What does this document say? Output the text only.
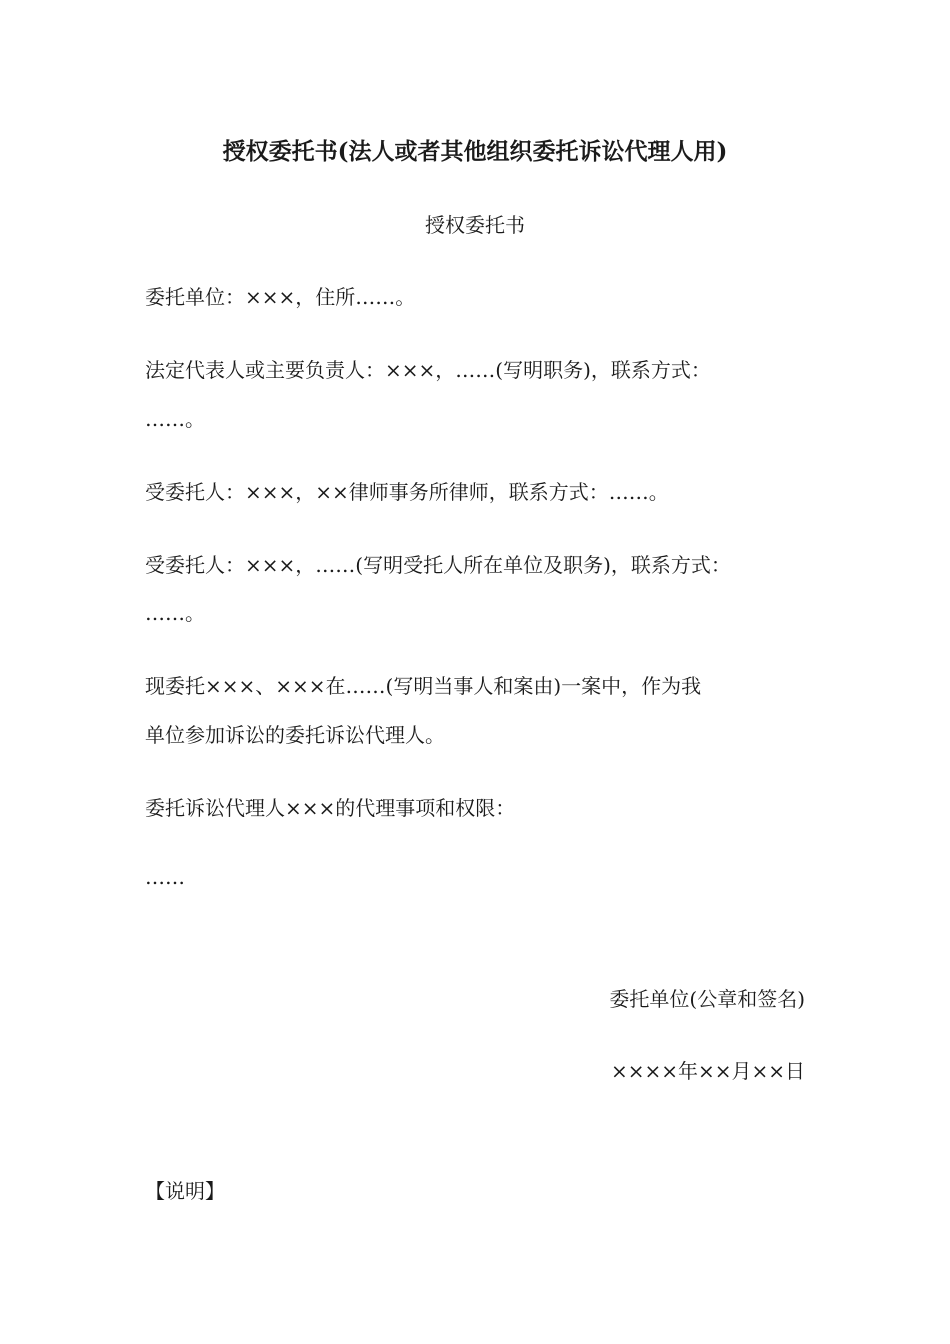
授权委托书(法人或者其他组织委托诉讼代理人用)
授权委托书
委托单位：×××，住所……。
法定代表人或主要负责人：×××，……(写明职务)，联系方式：
……。
受委托人：×××，××律师事务所律师，联系方式：……。
受委托人：×××，……(写明受托人所在单位及职务)，联系方式：
……。
现委托×××、×××在……(写明当事人和案由)一案中，作为我
单位参加诉讼的委托诉讼代理人。
委托诉讼代理人×××的代理事项和权限：
……
委托单位(公章和签名)
××××年××月××日
【说明】
